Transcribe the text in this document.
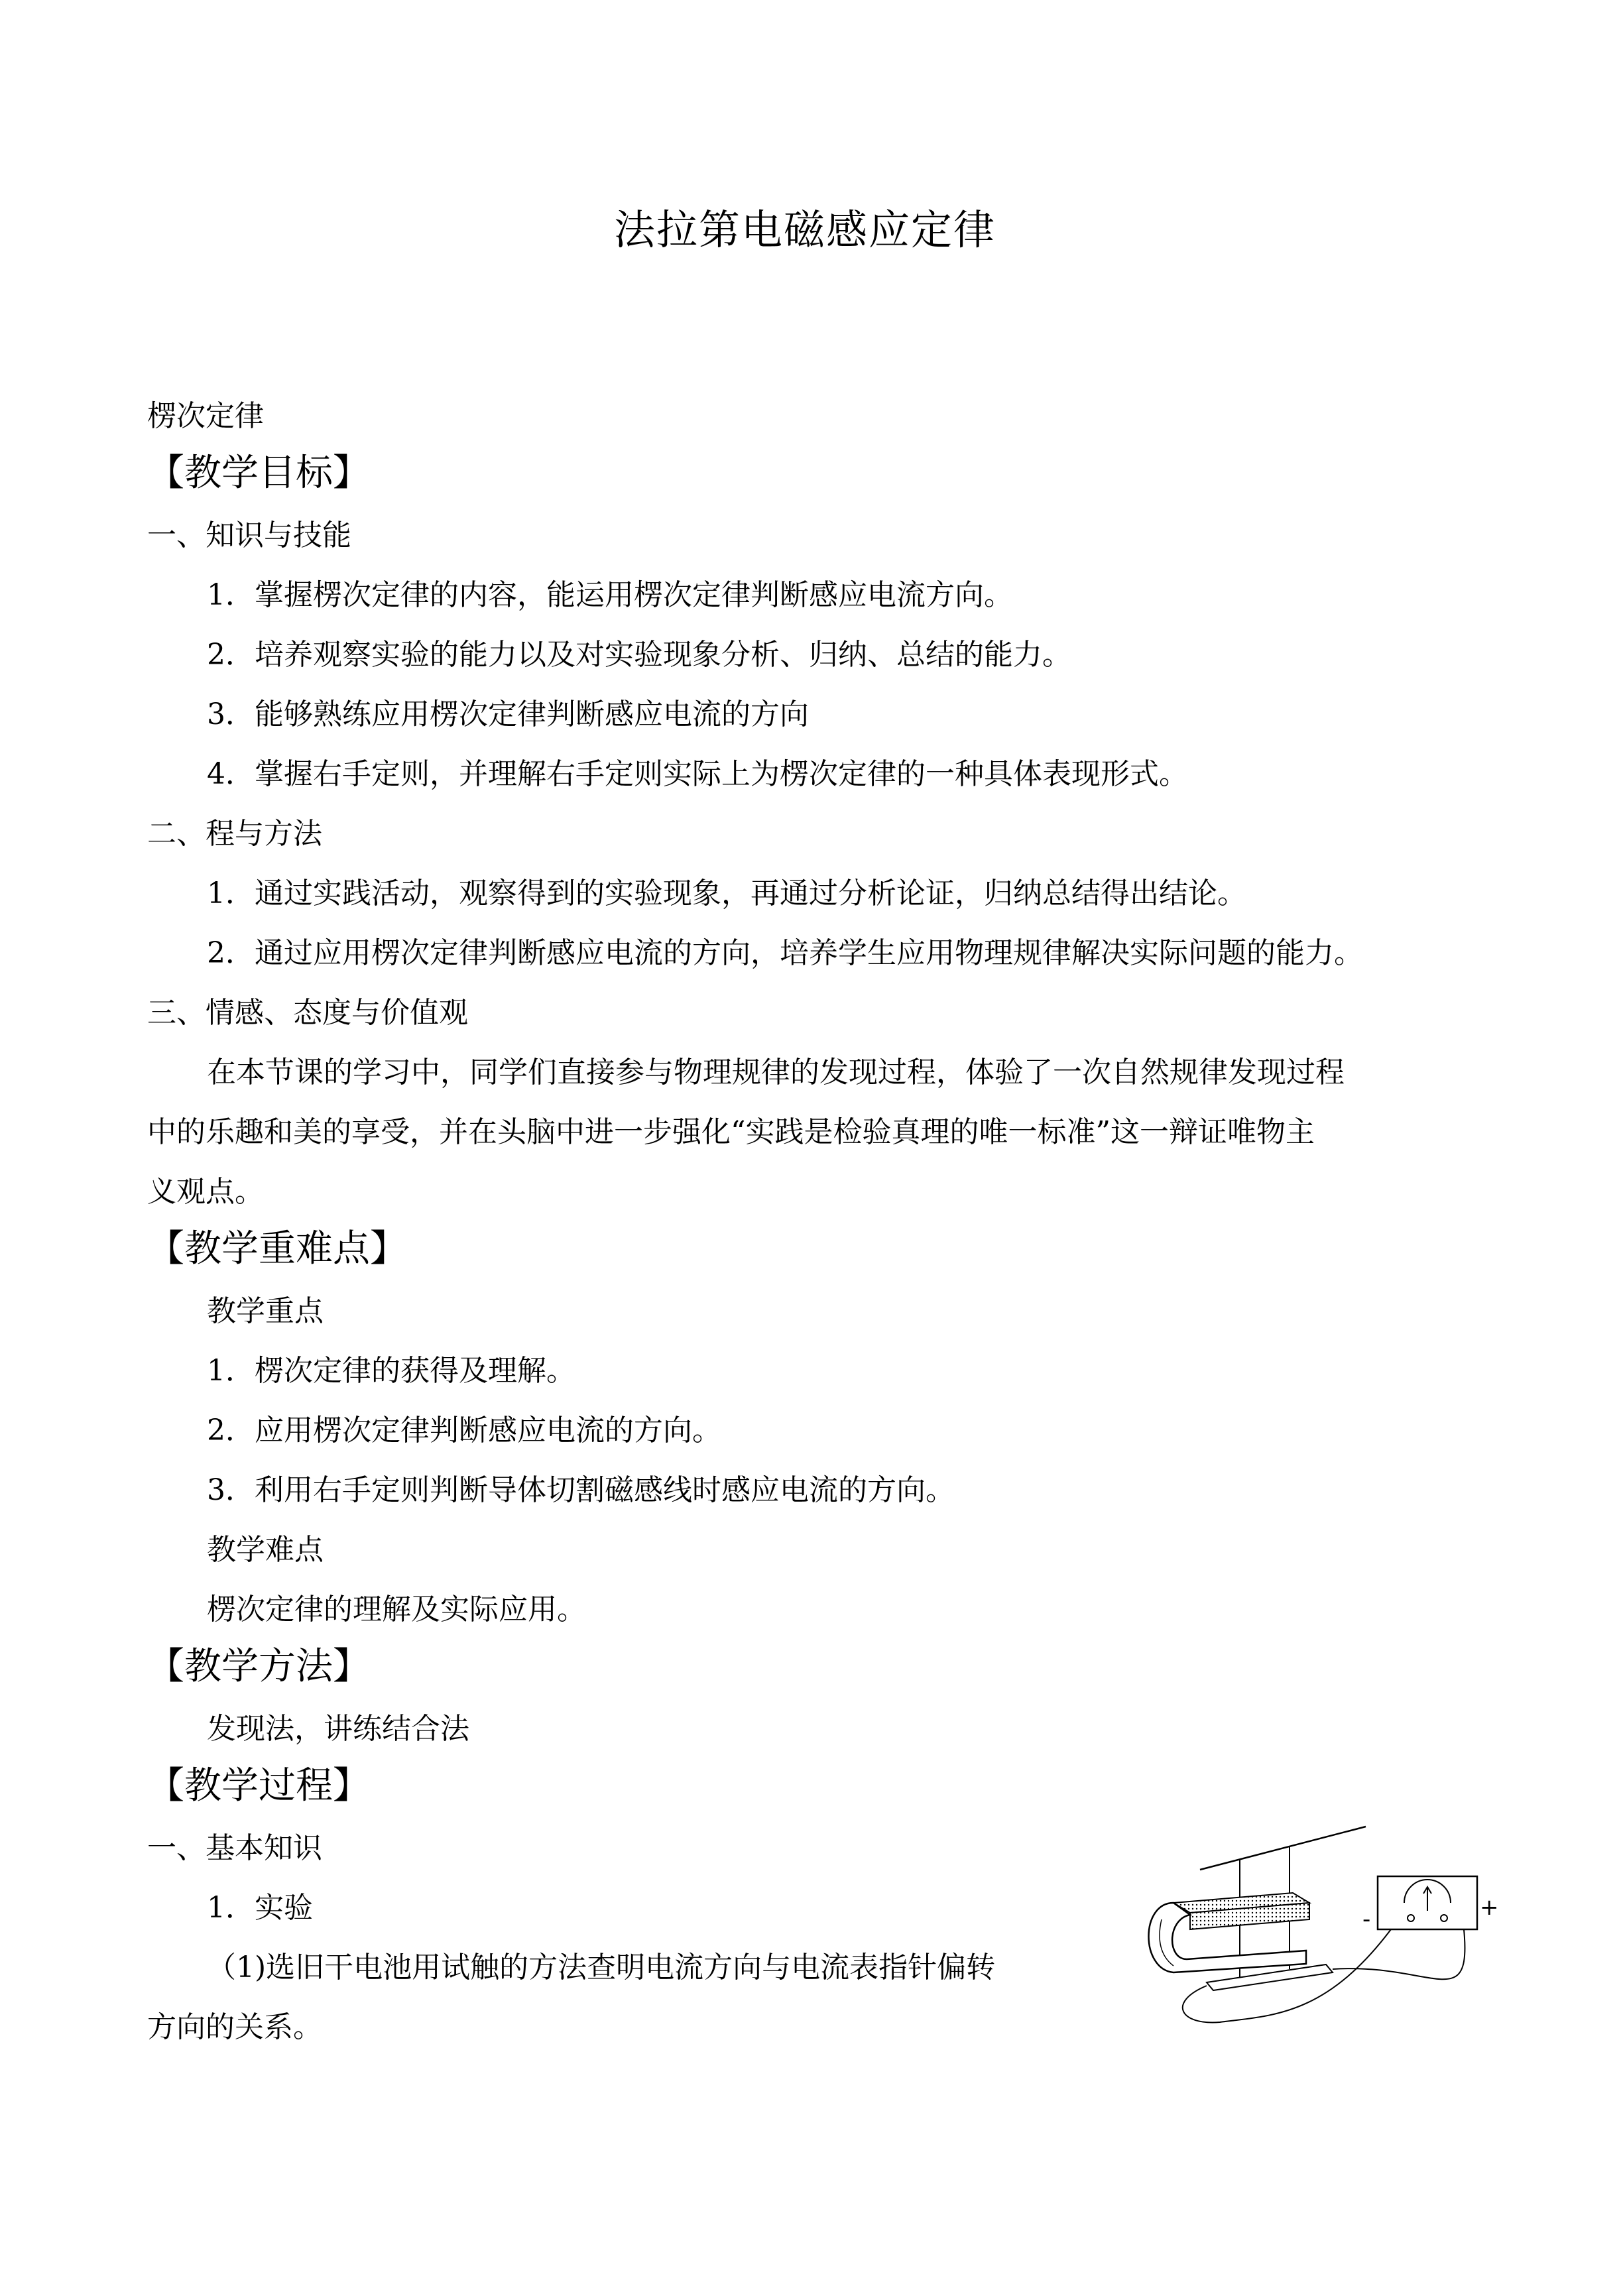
法拉第电磁感应定律
楞次定律
【教学目标】
一、知识与技能
1．掌握楞次定律的内容，能运用楞次定律判断感应电流方向。
2．培养观察实验的能力以及对实验现象分析、归纳、总结的能力。
3．能够熟练应用楞次定律判断感应电流的方向
4．掌握右手定则，并理解右手定则实际上为楞次定律的一种具体表现形式。
二、程与方法
1．通过实践活动，观察得到的实验现象，再通过分析论证，归纳总结得出结论。
2．通过应用楞次定律判断感应电流的方向，培养学生应用物理规律解决实际问题的能力。
三、情感、态度与价值观
在本节课的学习中，同学们直接参与物理规律的发现过程，体验了一次自然规律发现过程
中的乐趣和美的享受，并在头脑中进一步强化“实践是检验真理的唯一标准”这一辩证唯物主
义观点。
【教学重难点】
教学重点
1．楞次定律的获得及理解。
2．应用楞次定律判断感应电流的方向。
3．利用右手定则判断导体切割磁感线时感应电流的方向。
教学难点
楞次定律的理解及实际应用。
【教学方法】
发现法，讲练结合法
【教学过程】
一、基本知识
1．实验
（1)选旧干电池用试触的方法查明电流方向与电流表指针偏转
方向的关系。
-	+
